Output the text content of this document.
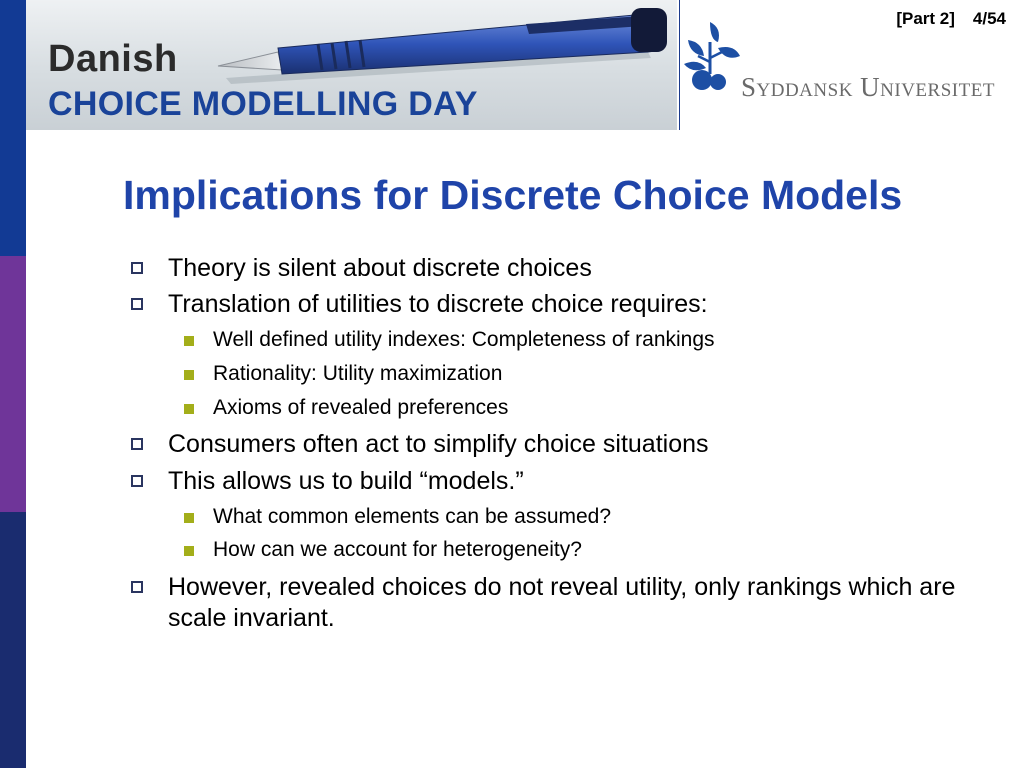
Danish
CHOICE MODELLING DAY
[Part 2] 4/54
Syddansk Universitet
Implications for Discrete Choice Models
Theory is silent about discrete choices
Translation of utilities to discrete choice requires:
Well defined utility indexes: Completeness of rankings
Rationality: Utility maximization
Axioms of revealed preferences
Consumers often act to simplify choice situations
This allows us to build “models.”
What common elements can be assumed?
How can we account for heterogeneity?
However, revealed choices do not reveal utility, only rankings which are scale invariant.
